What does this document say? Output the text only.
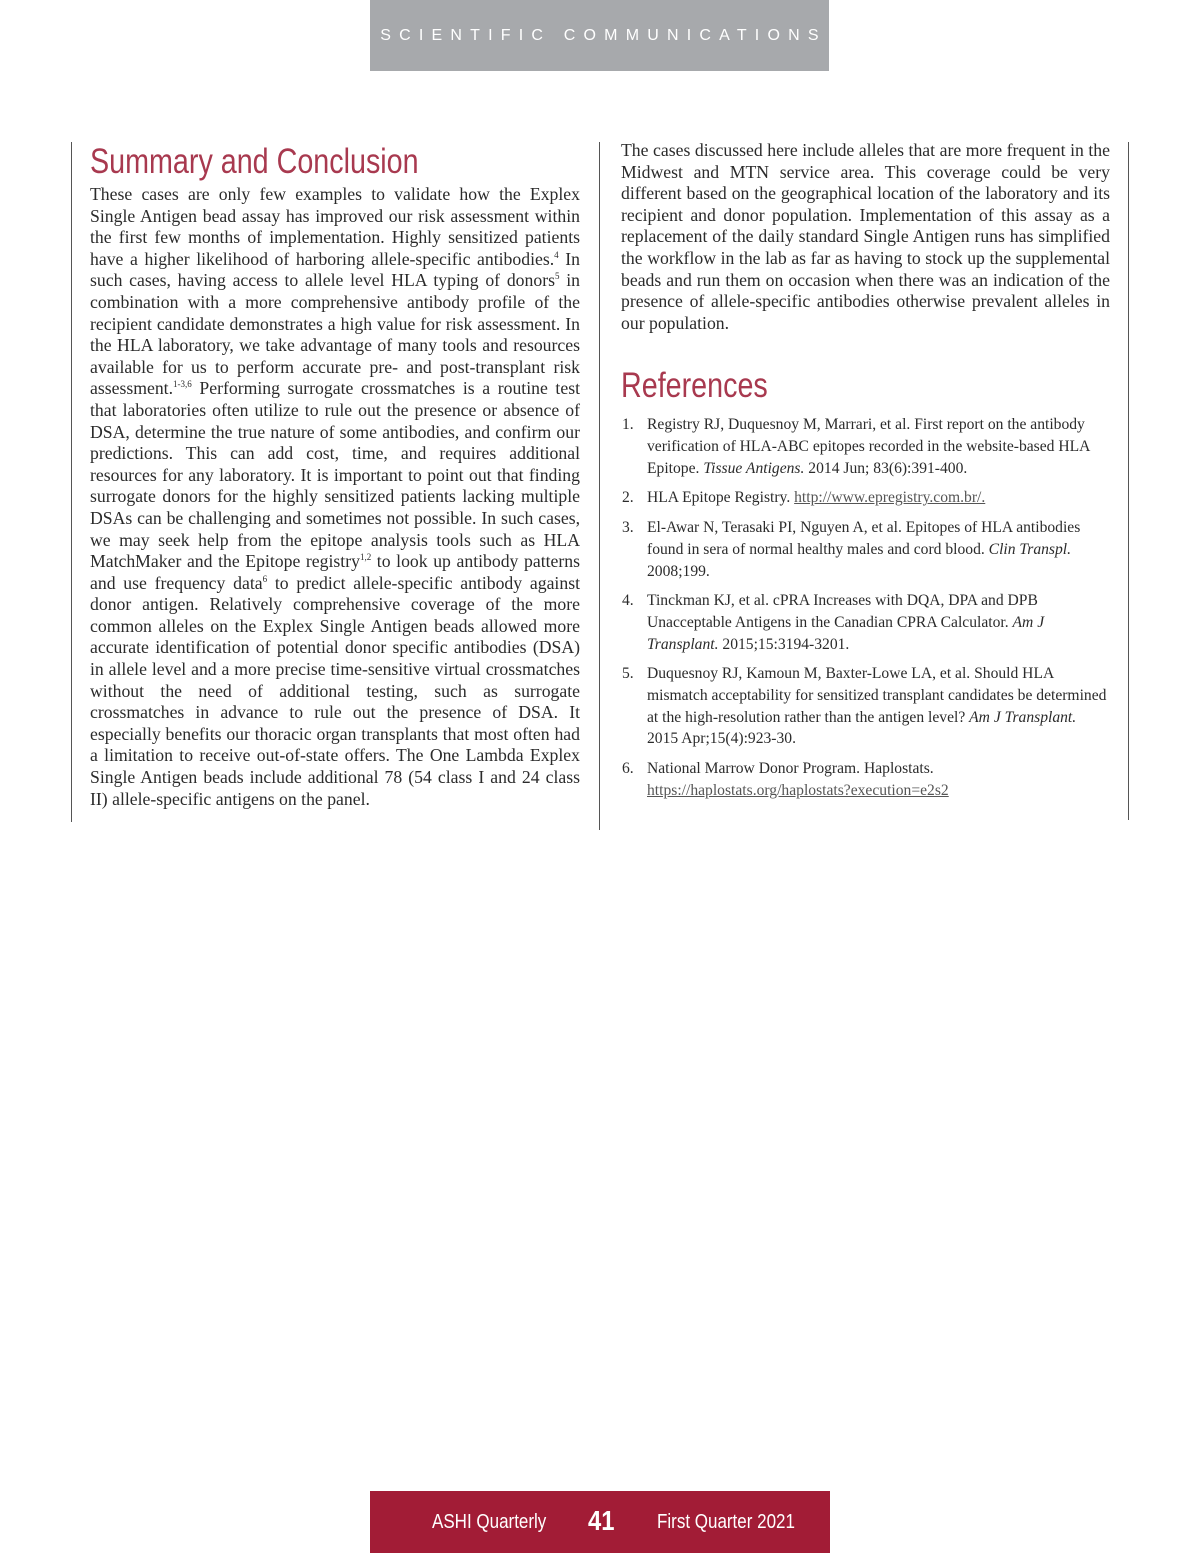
SCIENTIFIC COMMUNICATIONS
Summary and Conclusion

These cases are only few examples to validate how the Explex Single Antigen bead assay has improved our risk assessment within the first few months of implementation. Highly sensitized patients have a higher likelihood of harboring allele-specific antibodies.$^4$ In such cases, having access to allele level HLA typing of donors$^5$ in combination with a more comprehensive antibody profile of the recipient candidate demonstrates a high value for risk assessment. In the HLA laboratory, we take advantage of many tools and resources available for us to perform accurate pre- and post-transplant risk assessment.$^{1-3,6}$ Performing surrogate crossmatches is a routine test that laboratories often utilize to rule out the presence or absence of DSA, determine the true nature of some antibodies, and confirm our predictions. This can add cost, time, and requires additional resources for any laboratory. It is important to point out that finding surrogate donors for the highly sensitized patients lacking multiple DSAs can be challenging and sometimes not possible. In such cases, we may seek help from the epitope analysis tools such as HLA MatchMaker and the Epitope registry$^{1,2}$ to look up antibody patterns and use frequency data$^6$ to predict allele-specific antibody against donor antigen. Relatively comprehensive coverage of the more common alleles on the Explex Single Antigen beads allowed more accurate identification of potential donor specific antibodies (DSA) in allele level and a more precise time-sensitive virtual crossmatches without the need of additional testing, such as surrogate crossmatches in advance to rule out the presence of DSA. It especially benefits our thoracic organ transplants that most often had a limitation to receive out-of-state offers. The One Lambda Explex Single Antigen beads include additional 78 (54 class I and 24 class II) allele-specific antigens on the panel.

The cases discussed here include alleles that are more frequent in the Midwest and MTN service area. This coverage could be very different based on the geographical location of the laboratory and its recipient and donor population. Implementation of this assay as a replacement of the daily standard Single Antigen runs has simplified the workflow in the lab as far as having to stock up the supplemental beads and run them on occasion when there was an indication of the presence of allele-specific antibodies otherwise prevalent alleles in our population.

References
1. Registry RJ, Duquesnoy M, Marrari, et al. First report on the antibody verification of HLA-ABC epitopes recorded in the website-based HLA Epitope. Tissue Antigens. 2014 Jun; 83(6):391-400.
2. HLA Epitope Registry. http://www.epregistry.com.br/.
3. El-Awar N, Terasaki PI, Nguyen A, et al. Epitopes of HLA antibodies found in sera of normal healthy males and cord blood. Clin Transpl. 2008;199.
4. Tinckman KJ, et al. cPRA Increases with DQA, DPA and DPB Unacceptable Antigens in the Canadian CPRA Calculator. Am J Transplant. 2015;15:3194-3201.
5. Duquesnoy RJ, Kamoun M, Baxter-Lowe LA, et al. Should HLA mismatch acceptability for sensitized transplant candidates be determined at the high-resolution rather than the antigen level? Am J Transplant. 2015 Apr;15(4):923-30.
6. National Marrow Donor Program. Haplostats. https://haplostats.org/haplostats?execution=e2s2
ASHI Quarterly 41 First Quarter 2021
